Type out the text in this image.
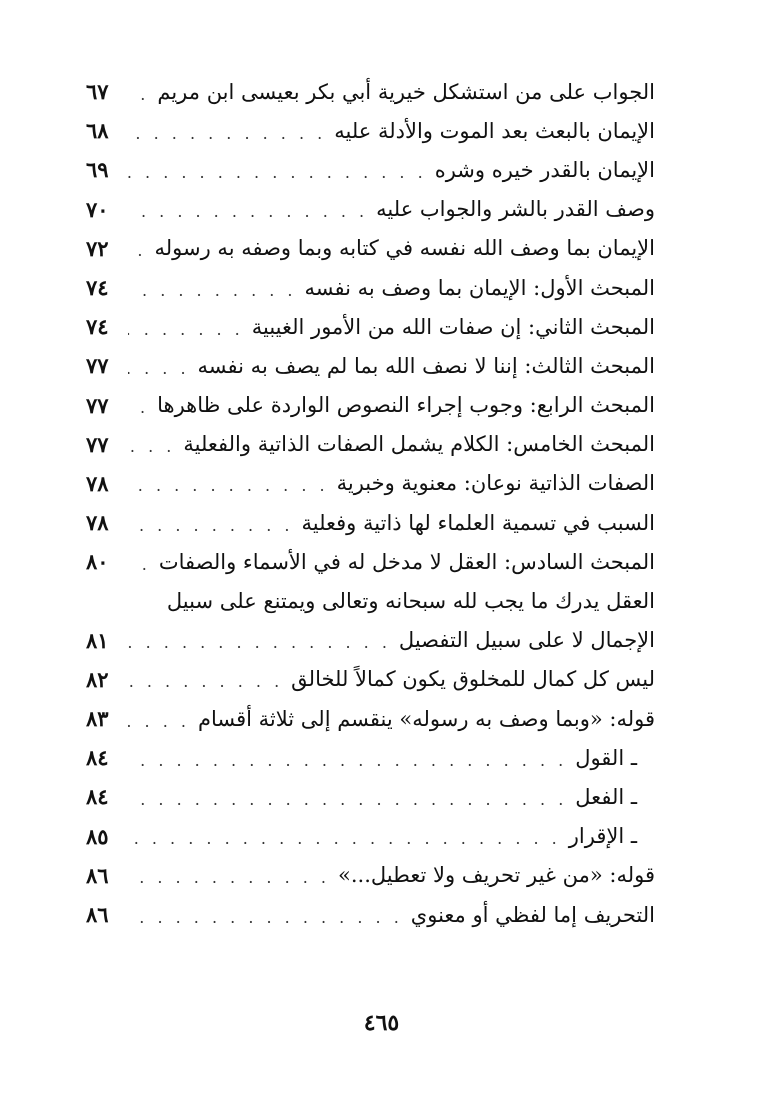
الجواب على من استشكل خيرية أبي بكر بعيسى ابن مريم
. . .
٦٧
الإيمان بالبعث بعد الموت والأدلة عليه
. . .
٦٨
الإيمان بالقدر خيره وشره
. . .
٦٩
وصف القدر بالشر والجواب عليه
. . .
٧٠
الإيمان بما وصف الله نفسه في كتابه وبما وصفه به رسوله
. . .
٧٢
المبحث الأول: الإيمان بما وصف به نفسه
. . .
٧٤
المبحث الثاني: إن صفات الله من الأمور الغيبية
. . .
٧٤
المبحث الثالث: إننا لا نصف الله بما لم يصف به نفسه
. . .
٧٧
المبحث الرابع: وجوب إجراء النصوص الواردة على ظاهرها
. . .
٧٧
المبحث الخامس: الكلام يشمل الصفات الذاتية والفعلية
. . .
٧٧
الصفات الذاتية نوعان: معنوية وخبرية
. . .
٧٨
السبب في تسمية العلماء لها ذاتية وفعلية
. . .
٧٨
المبحث السادس: العقل لا مدخل له في الأسماء والصفات
. . .
٨٠
العقل يدرك ما يجب لله سبحانه وتعالى ويمتنع على سبيل
الإجمال لا على سبيل التفصيل
. . .
٨١
ليس كل كمال للمخلوق يكون كمالاً للخالق
. . .
٨٢
قوله: «وبما وصف به رسوله» ينقسم إلى ثلاثة أقسام
. . .
٨٣
ـ القول
. . .
٨٤
ـ الفعل
. . .
٨٤
ـ الإقرار
. . .
٨٥
قوله: «من غير تحريف ولا تعطيل...»
. . .
٨٦
التحريف إما لفظي أو معنوي
. . .
٨٦
٤٦٥
